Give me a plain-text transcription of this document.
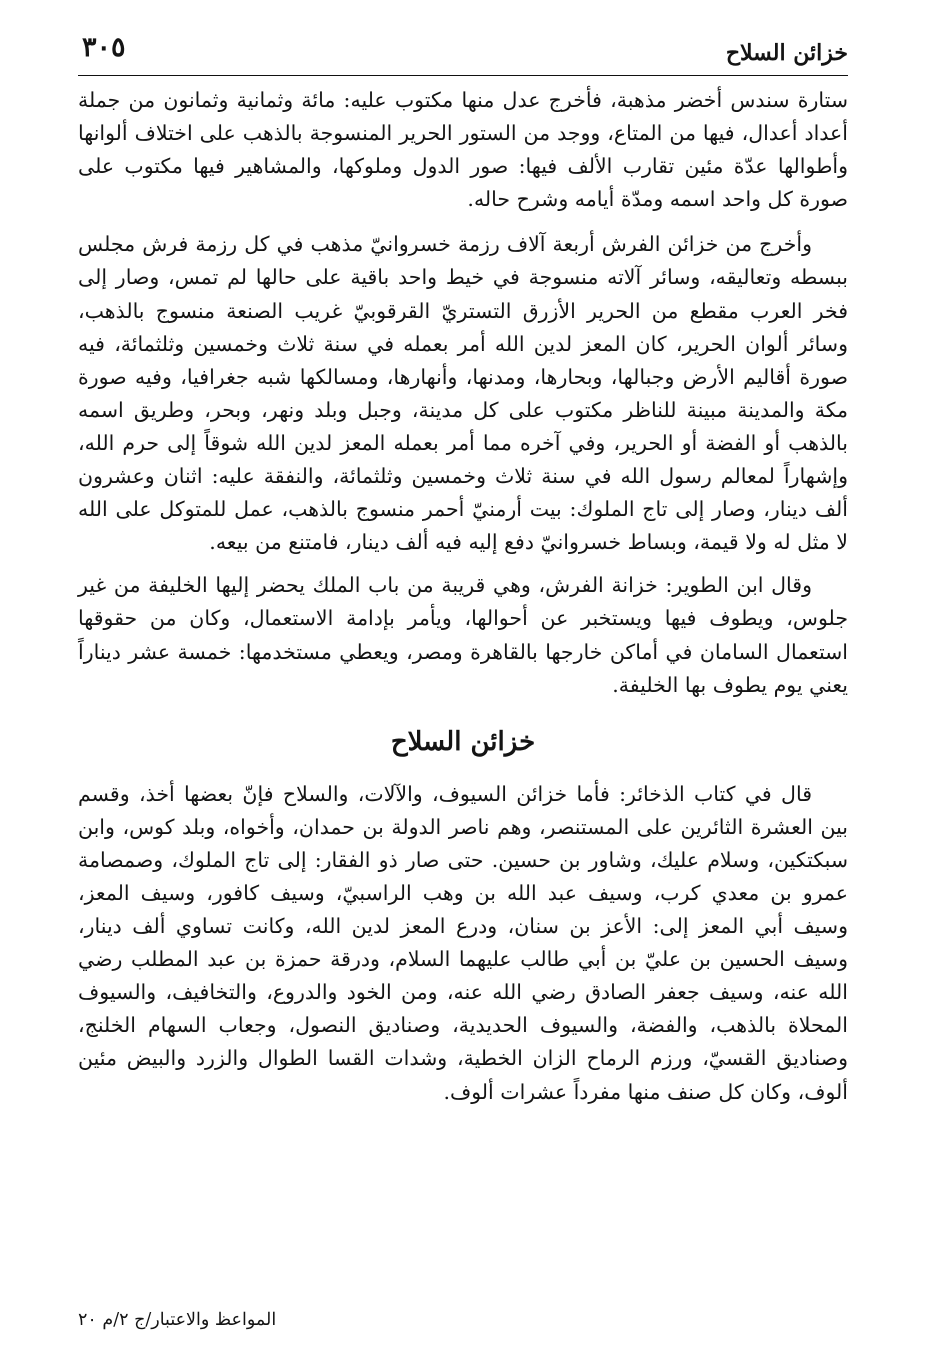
خزائن السلاح
٣٠٥

ستارة سندس أخضر مذهبة، فأخرج عدل منها مكتوب عليه: مائة وثمانية وثمانون من جملة أعداد أعدال، فيها من المتاع، ووجد من الستور الحرير المنسوجة بالذهب على اختلاف ألوانها وأطوالها عدّة مئين تقارب الألف فيها: صور الدول وملوكها، والمشاهير فيها مكتوب على صورة كل واحد اسمه ومدّة أيامه وشرح حاله.

وأخرج من خزائن الفرش أربعة آلاف رزمة خسروانيّ مذهب في كل رزمة فرش مجلس ببسطه وتعاليقه، وسائر آلاته منسوجة في خيط واحد باقية على حالها لم تمس، وصار إلى فخر العرب مقطع من الحرير الأزرق التستريّ القرقوبيّ غريب الصنعة منسوج بالذهب، وسائر ألوان الحرير، كان المعز لدين الله أمر بعمله في سنة ثلاث وخمسين وثلثمائة، فيه صورة أقاليم الأرض وجبالها، وبحارها، ومدنها، وأنهارها، ومسالكها شبه جغرافيا، وفيه صورة مكة والمدينة مبينة للناظر مكتوب على كل مدينة، وجبل وبلد ونهر، وبحر، وطريق اسمه بالذهب أو الفضة أو الحرير، وفي آخره مما أمر بعمله المعز لدين الله شوقاً إلى حرم الله، وإشهاراً لمعالم رسول الله في سنة ثلاث وخمسين وثلثمائة، والنفقة عليه: اثنان وعشرون ألف دينار، وصار إلى تاج الملوك: بيت أرمنيّ أحمر منسوج بالذهب، عمل للمتوكل على الله لا مثل له ولا قيمة، وبساط خسروانيّ دفع إليه فيه ألف دينار، فامتنع من بيعه.

وقال ابن الطوير: خزانة الفرش، وهي قريبة من باب الملك يحضر إليها الخليفة من غير جلوس، ويطوف فيها ويستخبر عن أحوالها، ويأمر بإدامة الاستعمال، وكان من حقوقها استعمال السامان في أماكن خارجها بالقاهرة ومصر، ويعطي مستخدمها: خمسة عشر ديناراً يعني يوم يطوف بها الخليفة.

خزائن السلاح

قال في كتاب الذخائر: فأما خزائن السيوف، والآلات، والسلاح فإنّ بعضها أخذ، وقسم بين العشرة الثائرين على المستنصر، وهم ناصر الدولة بن حمدان، وأخواه، وبلد كوس، وابن سبكتكين، وسلام عليك، وشاور بن حسين. حتى صار ذو الفقار: إلى تاج الملوك، وصمصامة عمرو بن معدي كرب، وسيف عبد الله بن وهب الراسبيّ، وسيف كافور، وسيف المعز، وسيف أبي المعز إلى: الأعز بن سنان، ودرع المعز لدين الله، وكانت تساوي ألف دينار، وسيف الحسين بن عليّ بن أبي طالب عليهما السلام، ودرقة حمزة بن عبد المطلب رضي الله عنه، وسيف جعفر الصادق رضي الله عنه، ومن الخود والدروع، والتخافيف، والسيوف المحلاة بالذهب، والفضة، والسيوف الحديدية، وصناديق النصول، وجعاب السهام الخلنج، وصناديق القسيّ، ورزم الرماح الزان الخطية، وشدات القسا الطوال والزرد والبيض مئين ألوف، وكان كل صنف منها مفرداً عشرات ألوف.

المواعظ والاعتبار/ج ٢/م ٢٠
